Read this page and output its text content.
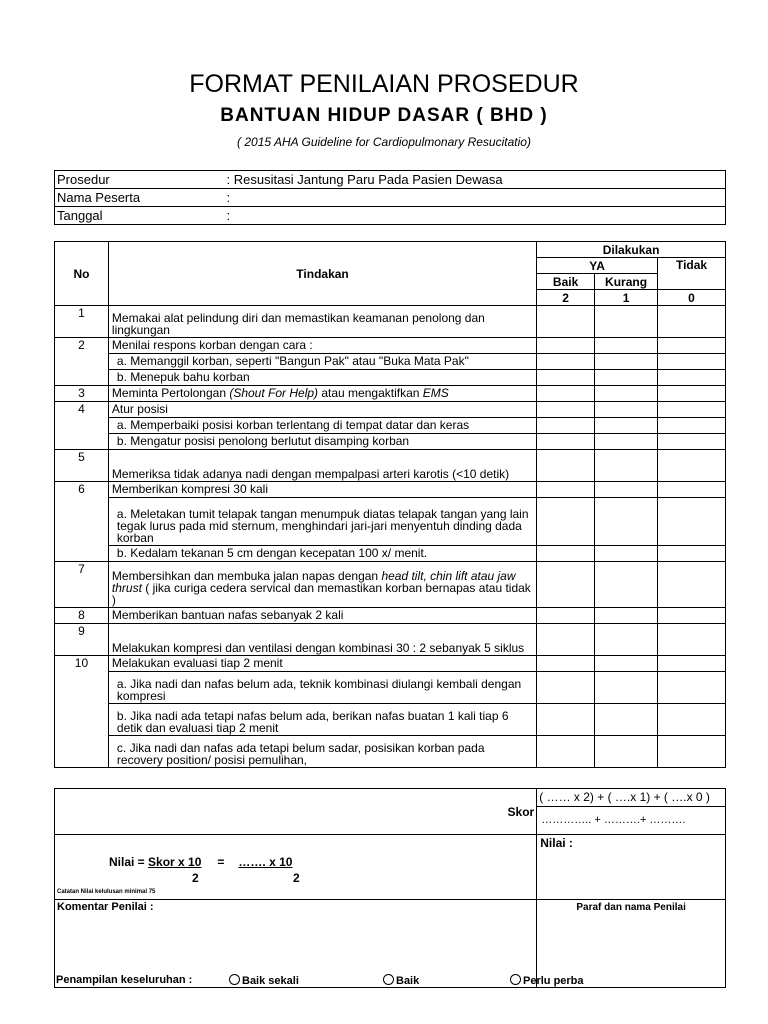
FORMAT PENILAIAN PROSEDUR
BANTUAN HIDUP DASAR ( BHD )
( 2015 AHA Guideline for Cardiopulmonary Resucitatio)
Prosedur	: Resusitasi Jantung Paru Pada Pasien Dewasa
Nama Peserta	:
Tanggal	:
No	Tindakan	Dilakukan		
		YA		Tidak
		Baik	Kurang	
		2	1	0
1	Memakai alat pelindung diri dan memastikan keamanan penolong dan lingkungan			
2	Menilai respons korban dengan cara :			
	a. Memanggil korban, seperti "Bangun Pak" atau "Buka Mata Pak"			
	b. Menepuk bahu korban			
3	Meminta Pertolongan (Shout For Help) atau mengaktifkan EMS			
4	Atur posisi			
	a. Memperbaiki posisi korban terlentang di tempat datar dan keras			
	b. Mengatur posisi penolong berlutut disamping korban			
5	Memeriksa tidak adanya nadi dengan mempalpasi arteri karotis (<10 detik)			
6	Memberikan kompresi 30 kali			
	a. Meletakan tumit telapak tangan menumpuk diatas telapak tangan yang lain tegak lurus pada mid sternum, menghindari jari-jari menyentuh dinding dada korban			
	b. Kedalam tekanan 5 cm dengan kecepatan 100 x/ menit.			
7	Membersihkan dan membuka jalan napas dengan head tilt, chin lift atau jaw thrust ( jika curiga cedera servical dan memastikan korban bernapas atau tidak )			
8	Memberikan bantuan nafas sebanyak 2 kali			
9	Melakukan kompresi dan ventilasi dengan kombinasi 30 : 2 sebanyak 5 siklus			
10	Melakukan evaluasi tiap 2 menit			
	a. Jika nadi dan nafas belum ada, teknik kombinasi diulangi kembali dengan kompresi			
	b. Jika nadi ada tetapi nafas belum ada, berikan nafas buatan 1 kali tiap 6 detik dan evaluasi tiap 2 menit			
	c. Jika nadi dan nafas ada tetapi belum sadar, posisikan korban pada recovery position/ posisi pemulihan,			
Skor	( …… x 2) + ( ….x 1) + ( ….x 0 )
………….. + ……….+ ……….

Nilai = Skor x 10 = ……. x 10
2 2
Catatan Nilai kelulusan minimal 75	Nilai :
Komentar Penilai :	Paraf dan nama Penilai

Penampilan keseluruhan : Baik sekali Baik Perlu perba	
